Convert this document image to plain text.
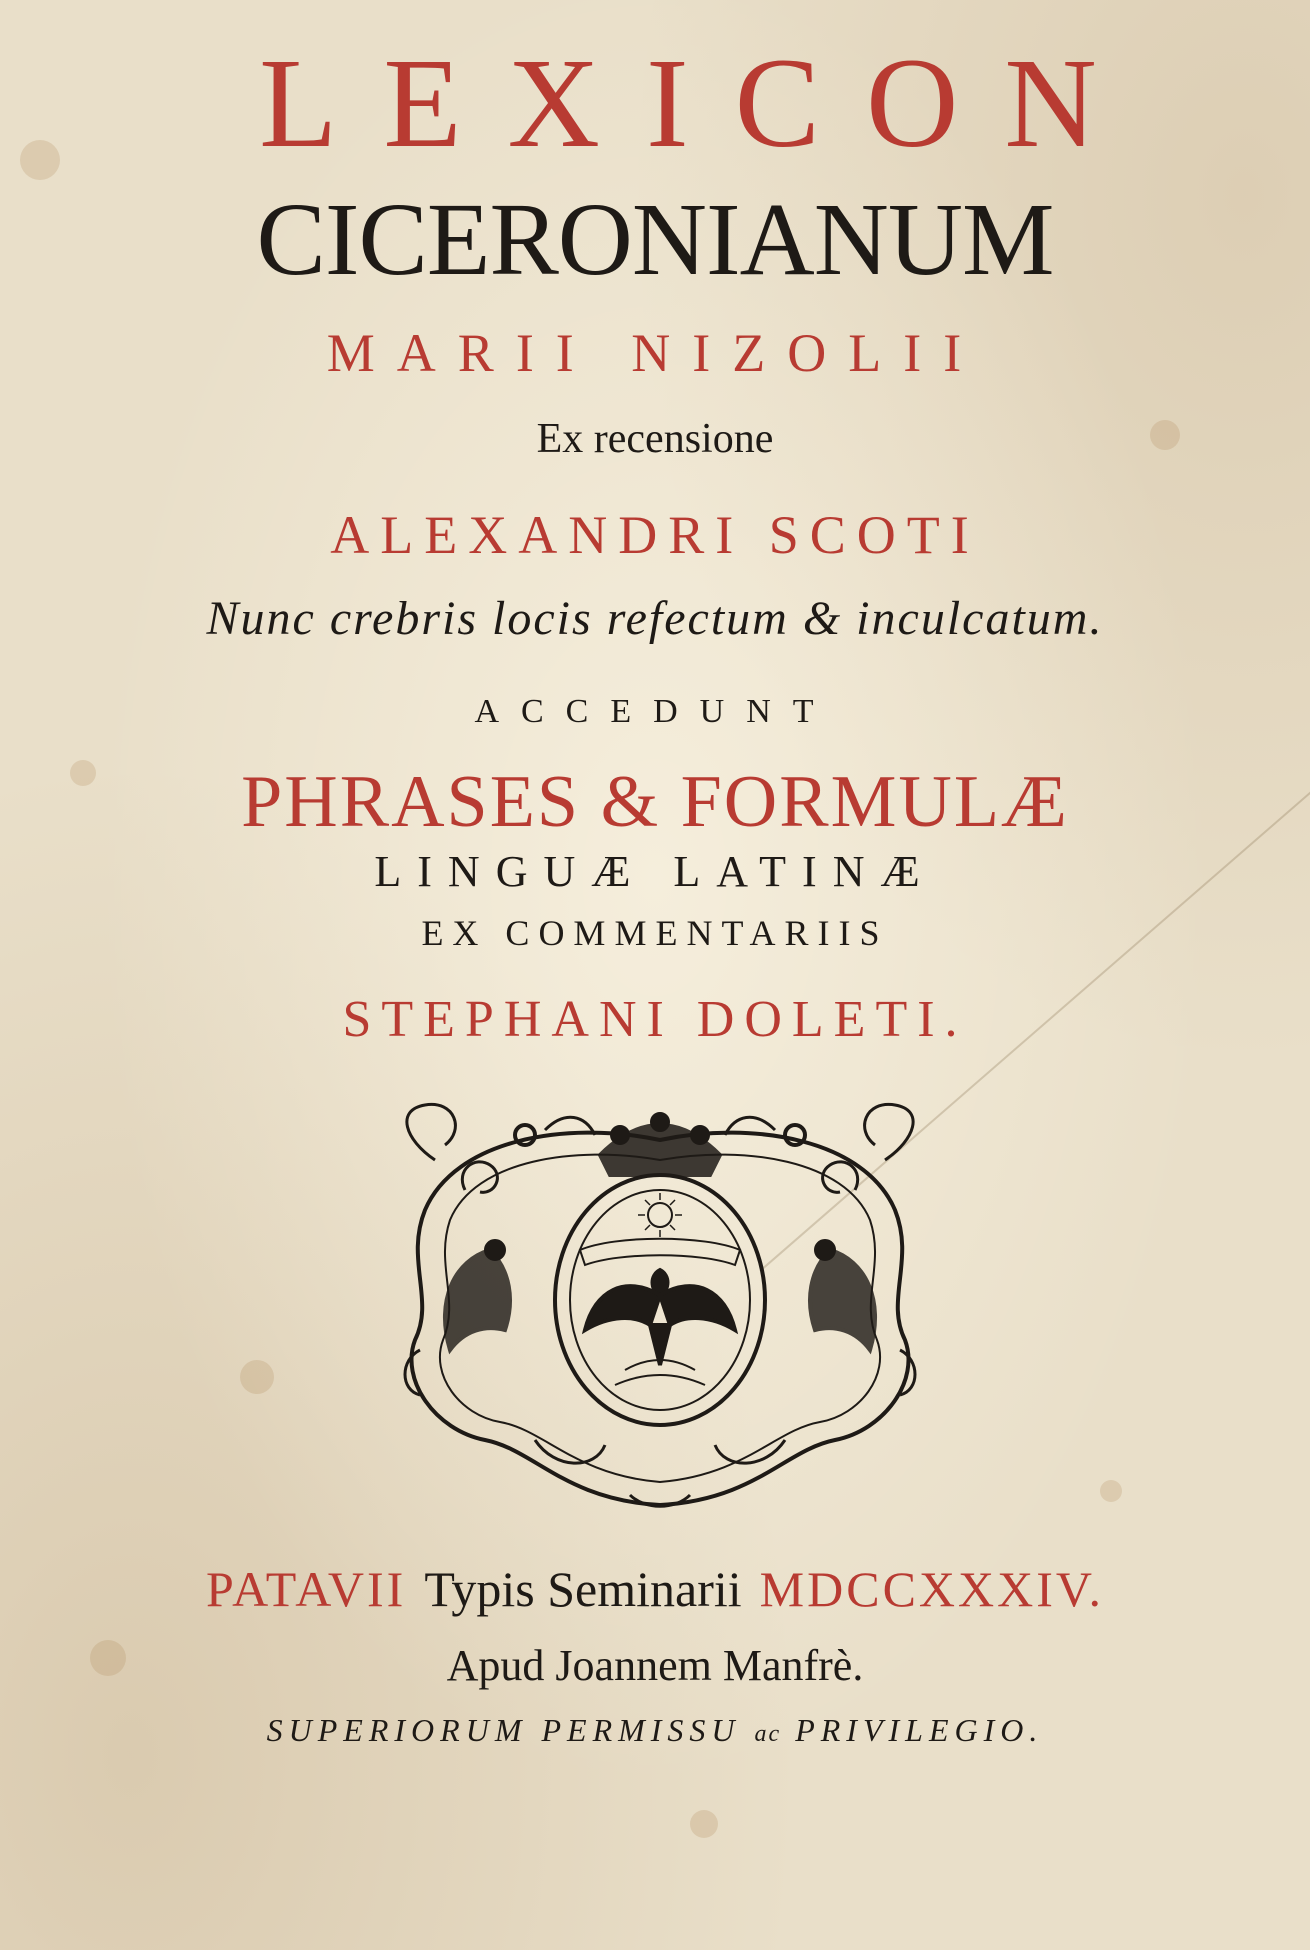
LEXICON
CICERONIANUM
MARII NIZOLII
Ex recensione
ALEXANDRI SCOTI
Nunc crebris locis refectum & inculcatum.
ACCEDUNT
PHRASES & FORMULÆ
LINGUÆ LATINÆ
EX COMMENTARIIS
STEPHANI DOLETI.
PATAVII Typis Seminarii MDCCXXXIV.
Apud Joannem Manfrè.
SUPERIORUM PERMISSU ac PRIVILEGIO.
